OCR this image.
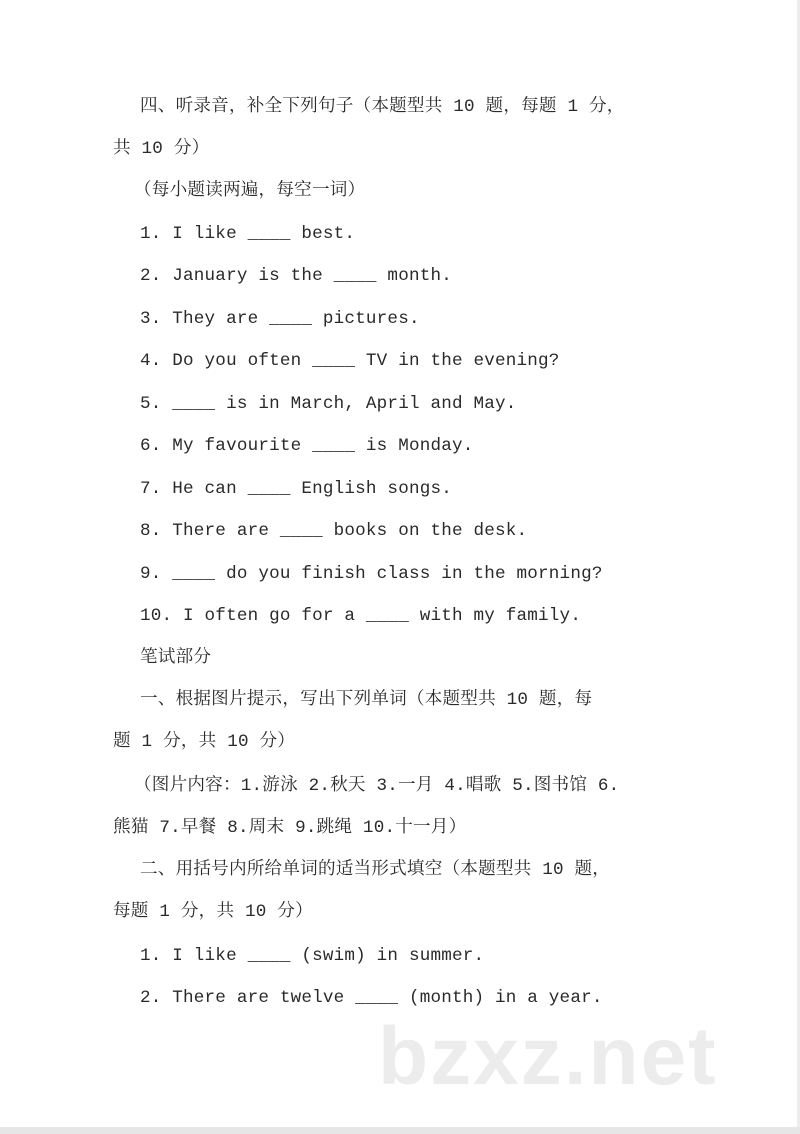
四、听录音，补全下列句子（本题型共 10 题，每题 1 分，
共 10 分）
（每小题读两遍，每空一词）
1. I like ____ best.
2. January is the ____ month.
3. They are ____ pictures.
4. Do you often ____ TV in the evening?
5. ____ is in March, April and May.
6. My favourite ____ is Monday.
7. He can ____ English songs.
8. There are ____ books on the desk.
9. ____ do you finish class in the morning?
10. I often go for a ____ with my family.
笔试部分
一、根据图片提示，写出下列单词（本题型共 10 题，每
题 1 分，共 10 分）
（图片内容：1.游泳 2.秋天 3.一月 4.唱歌 5.图书馆 6.
熊猫 7.早餐 8.周末 9.跳绳 10.十一月）
二、用括号内所给单词的适当形式填空（本题型共 10 题，
每题 1 分，共 10 分）
1. I like ____ (swim) in summer.
2. There are twelve ____ (month) in a year.
bzxz.net
